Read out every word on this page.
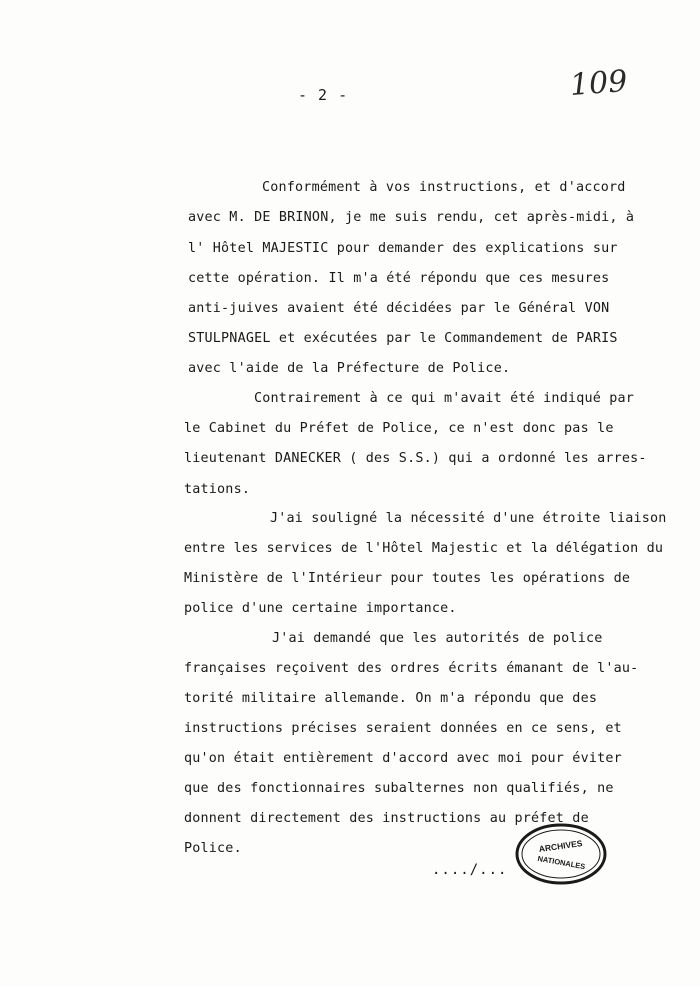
- 2 -	109
Conformément à vos instructions, et d'accord
avec M. DE BRINON, je me suis rendu, cet après-midi, à
l' Hôtel MAJESTIC pour demander des explications sur
cette opération. Il m'a été répondu que ces mesures
anti-juives avaient été décidées par le Général VON
STULPNAGEL et exécutées par le Commandement de PARIS
avec l'aide de la Préfecture de Police.
Contrairement à ce qui m'avait été indiqué par
le Cabinet du Préfet de Police, ce n'est donc pas le
lieutenant DANECKER ( des S.S.) qui a ordonné les arres-
tations.
J'ai souligné la nécessité d'une étroite liaison
entre les services de l'Hôtel Majestic et la délégation du
Ministère de l'Intérieur pour toutes les opérations de
police d'une certaine importance.
J'ai demandé que les autorités de police
françaises reçoivent des ordres écrits émanant de l'au-
torité militaire allemande. On m'a répondu que des
instructions précises seraient données en ce sens, et
qu'on était entièrement d'accord avec moi pour éviter
que des fonctionnaires subalternes non qualifiés, ne
donnent directement des instructions au préfet de
Police.	ARCHIVES
NATIONALES
..../...
